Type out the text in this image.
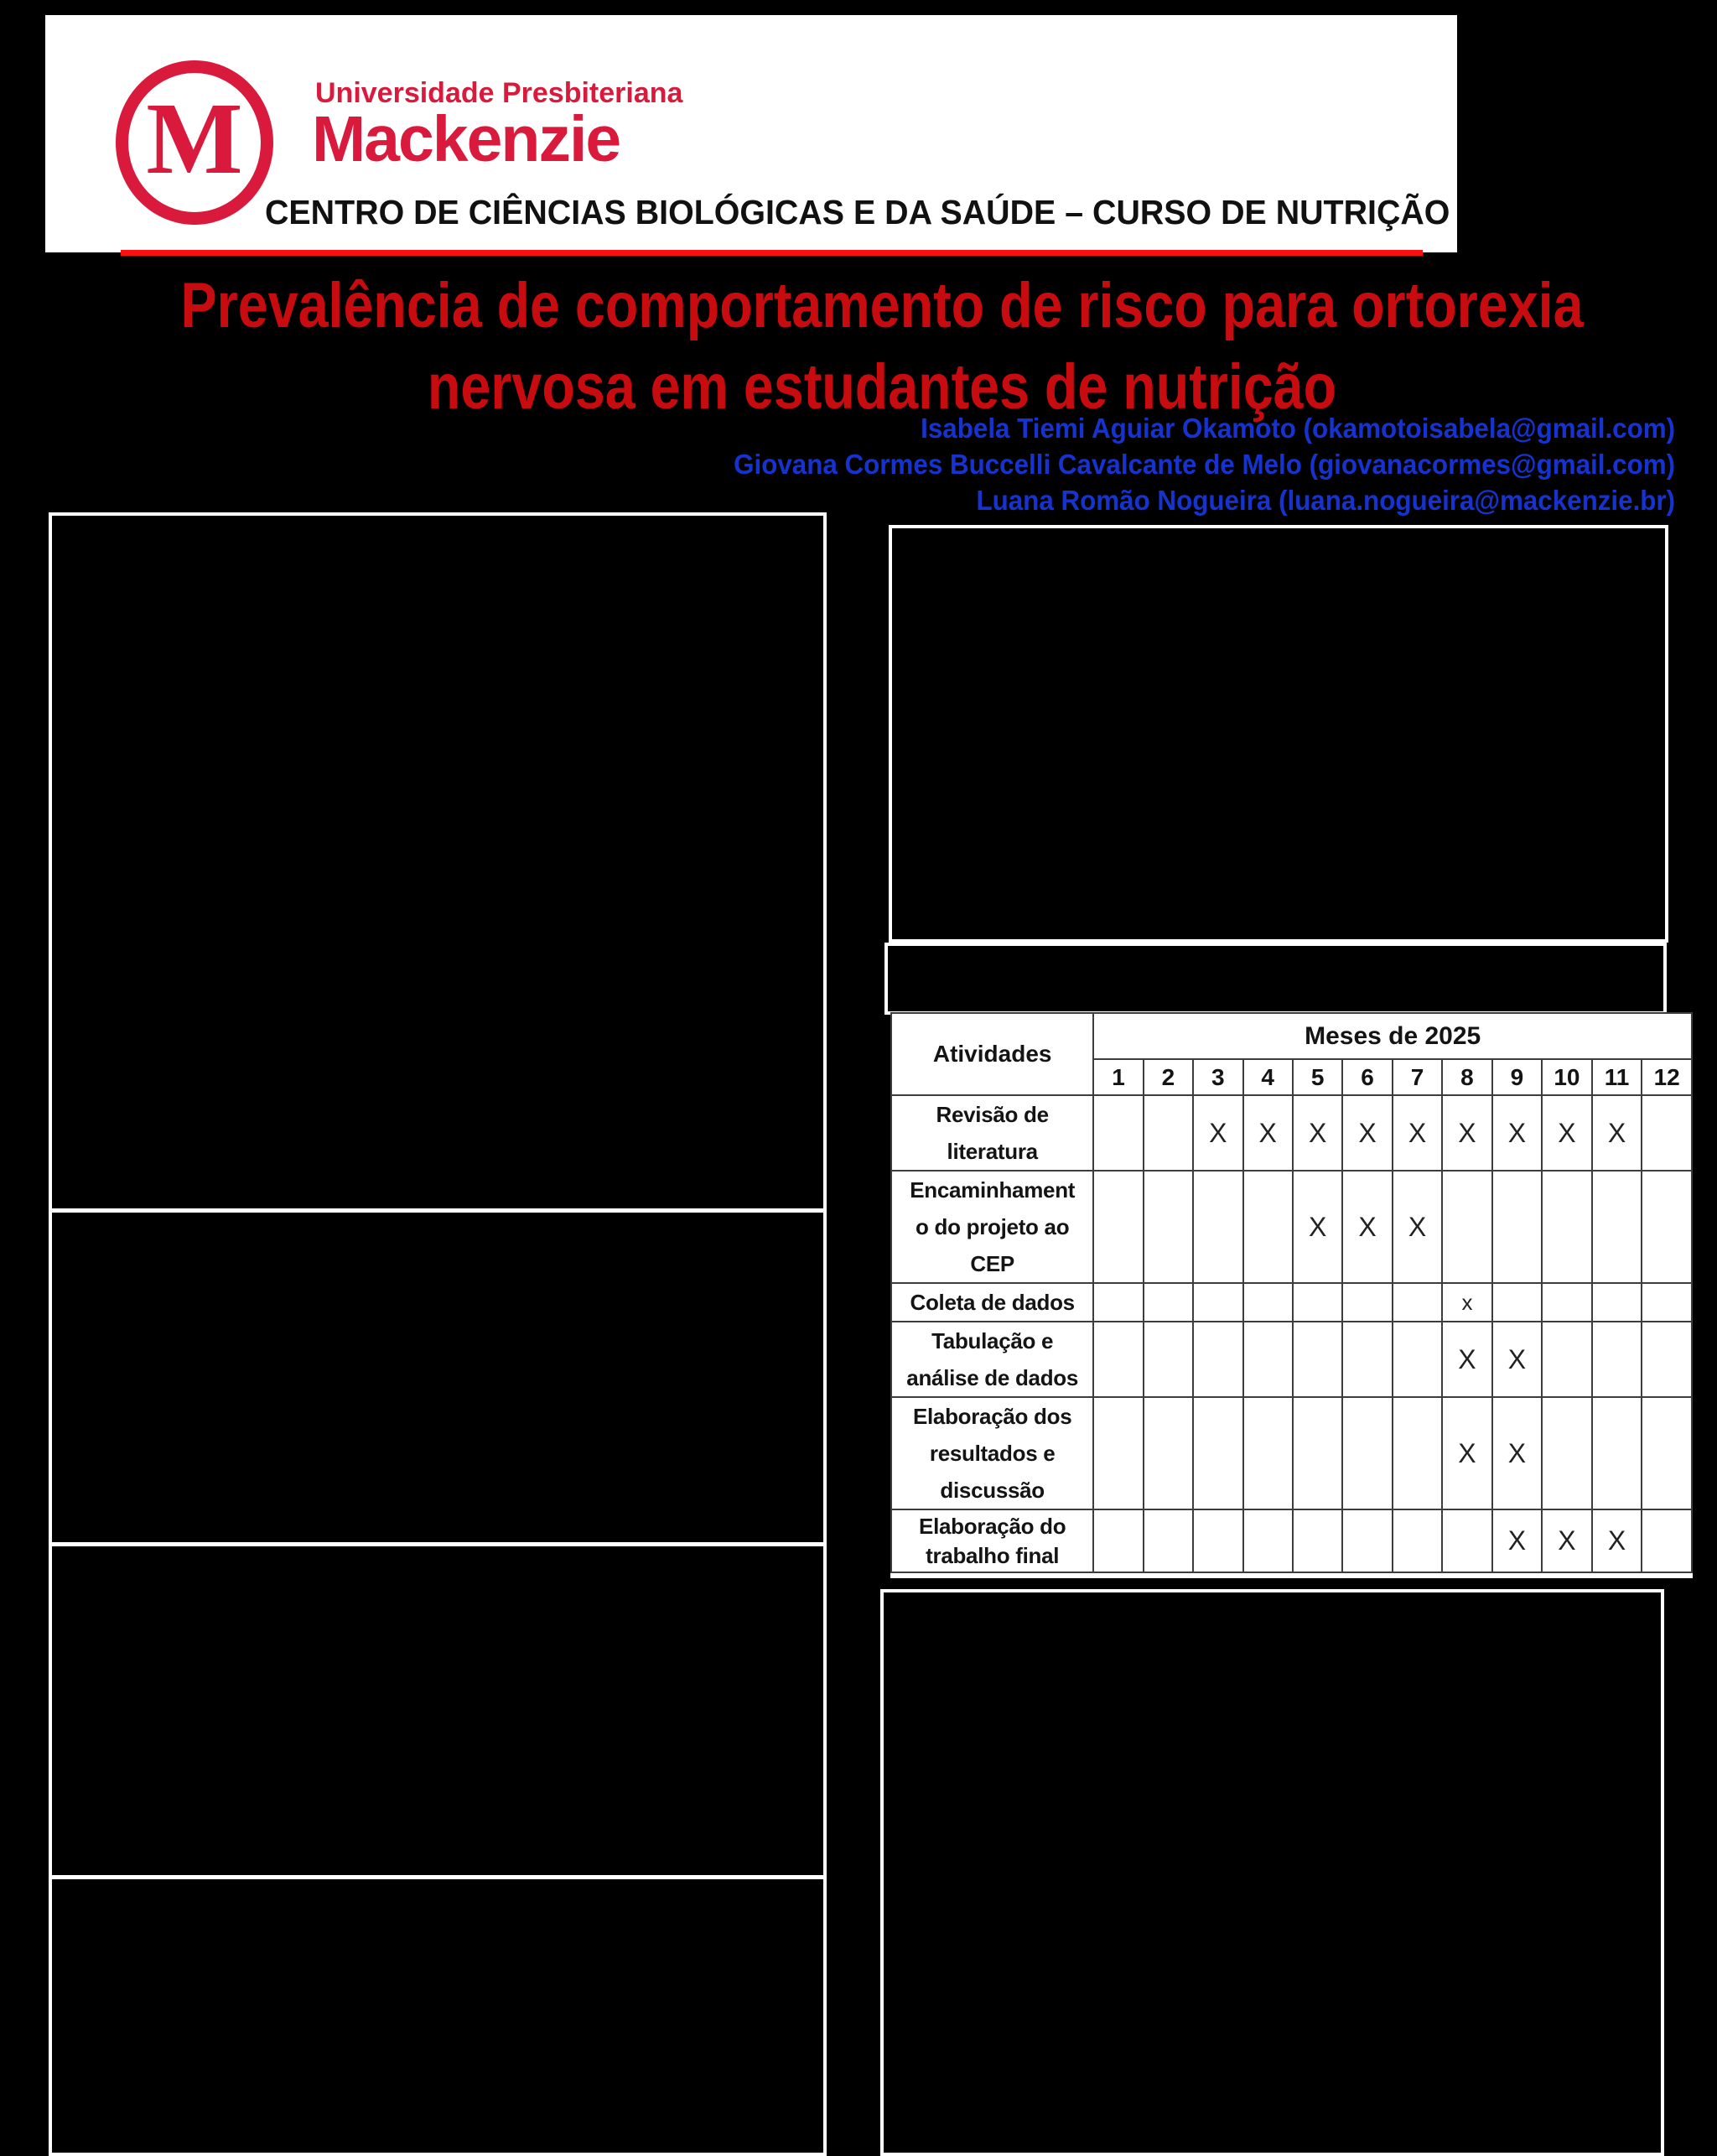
M	Universidade Presbiteriana
Mackenzie
CENTRO DE CIÊNCIAS BIOLÓGICAS E DA SAÚDE – CURSO DE NUTRIÇÃO
Prevalência de comportamento de risco para ortorexia
nervosa em estudantes de nutrição
Isabela Tiemi Aguiar Okamoto (okamotoisabela@gmail.com)
Giovana Cormes Buccelli Cavalcante de Melo (giovanacormes@gmail.com)
Luana Romão Nogueira (luana.nogueira@mackenzie.br)
Atividades	Meses de 2025											
	1	2	3	4	5	6	7	8	9	10	11	12

Revisão de
literatura			X	X	X	X	X	X	X	X	X	

Encaminhament
o do projeto ao
CEP					X	X	X					

Coleta de dados								x				

Tabulação e
análise de dados								X	X			

Elaboração dos
resultados e
discussão								X	X			

Elaboração do
trabalho final									X	X	X	
